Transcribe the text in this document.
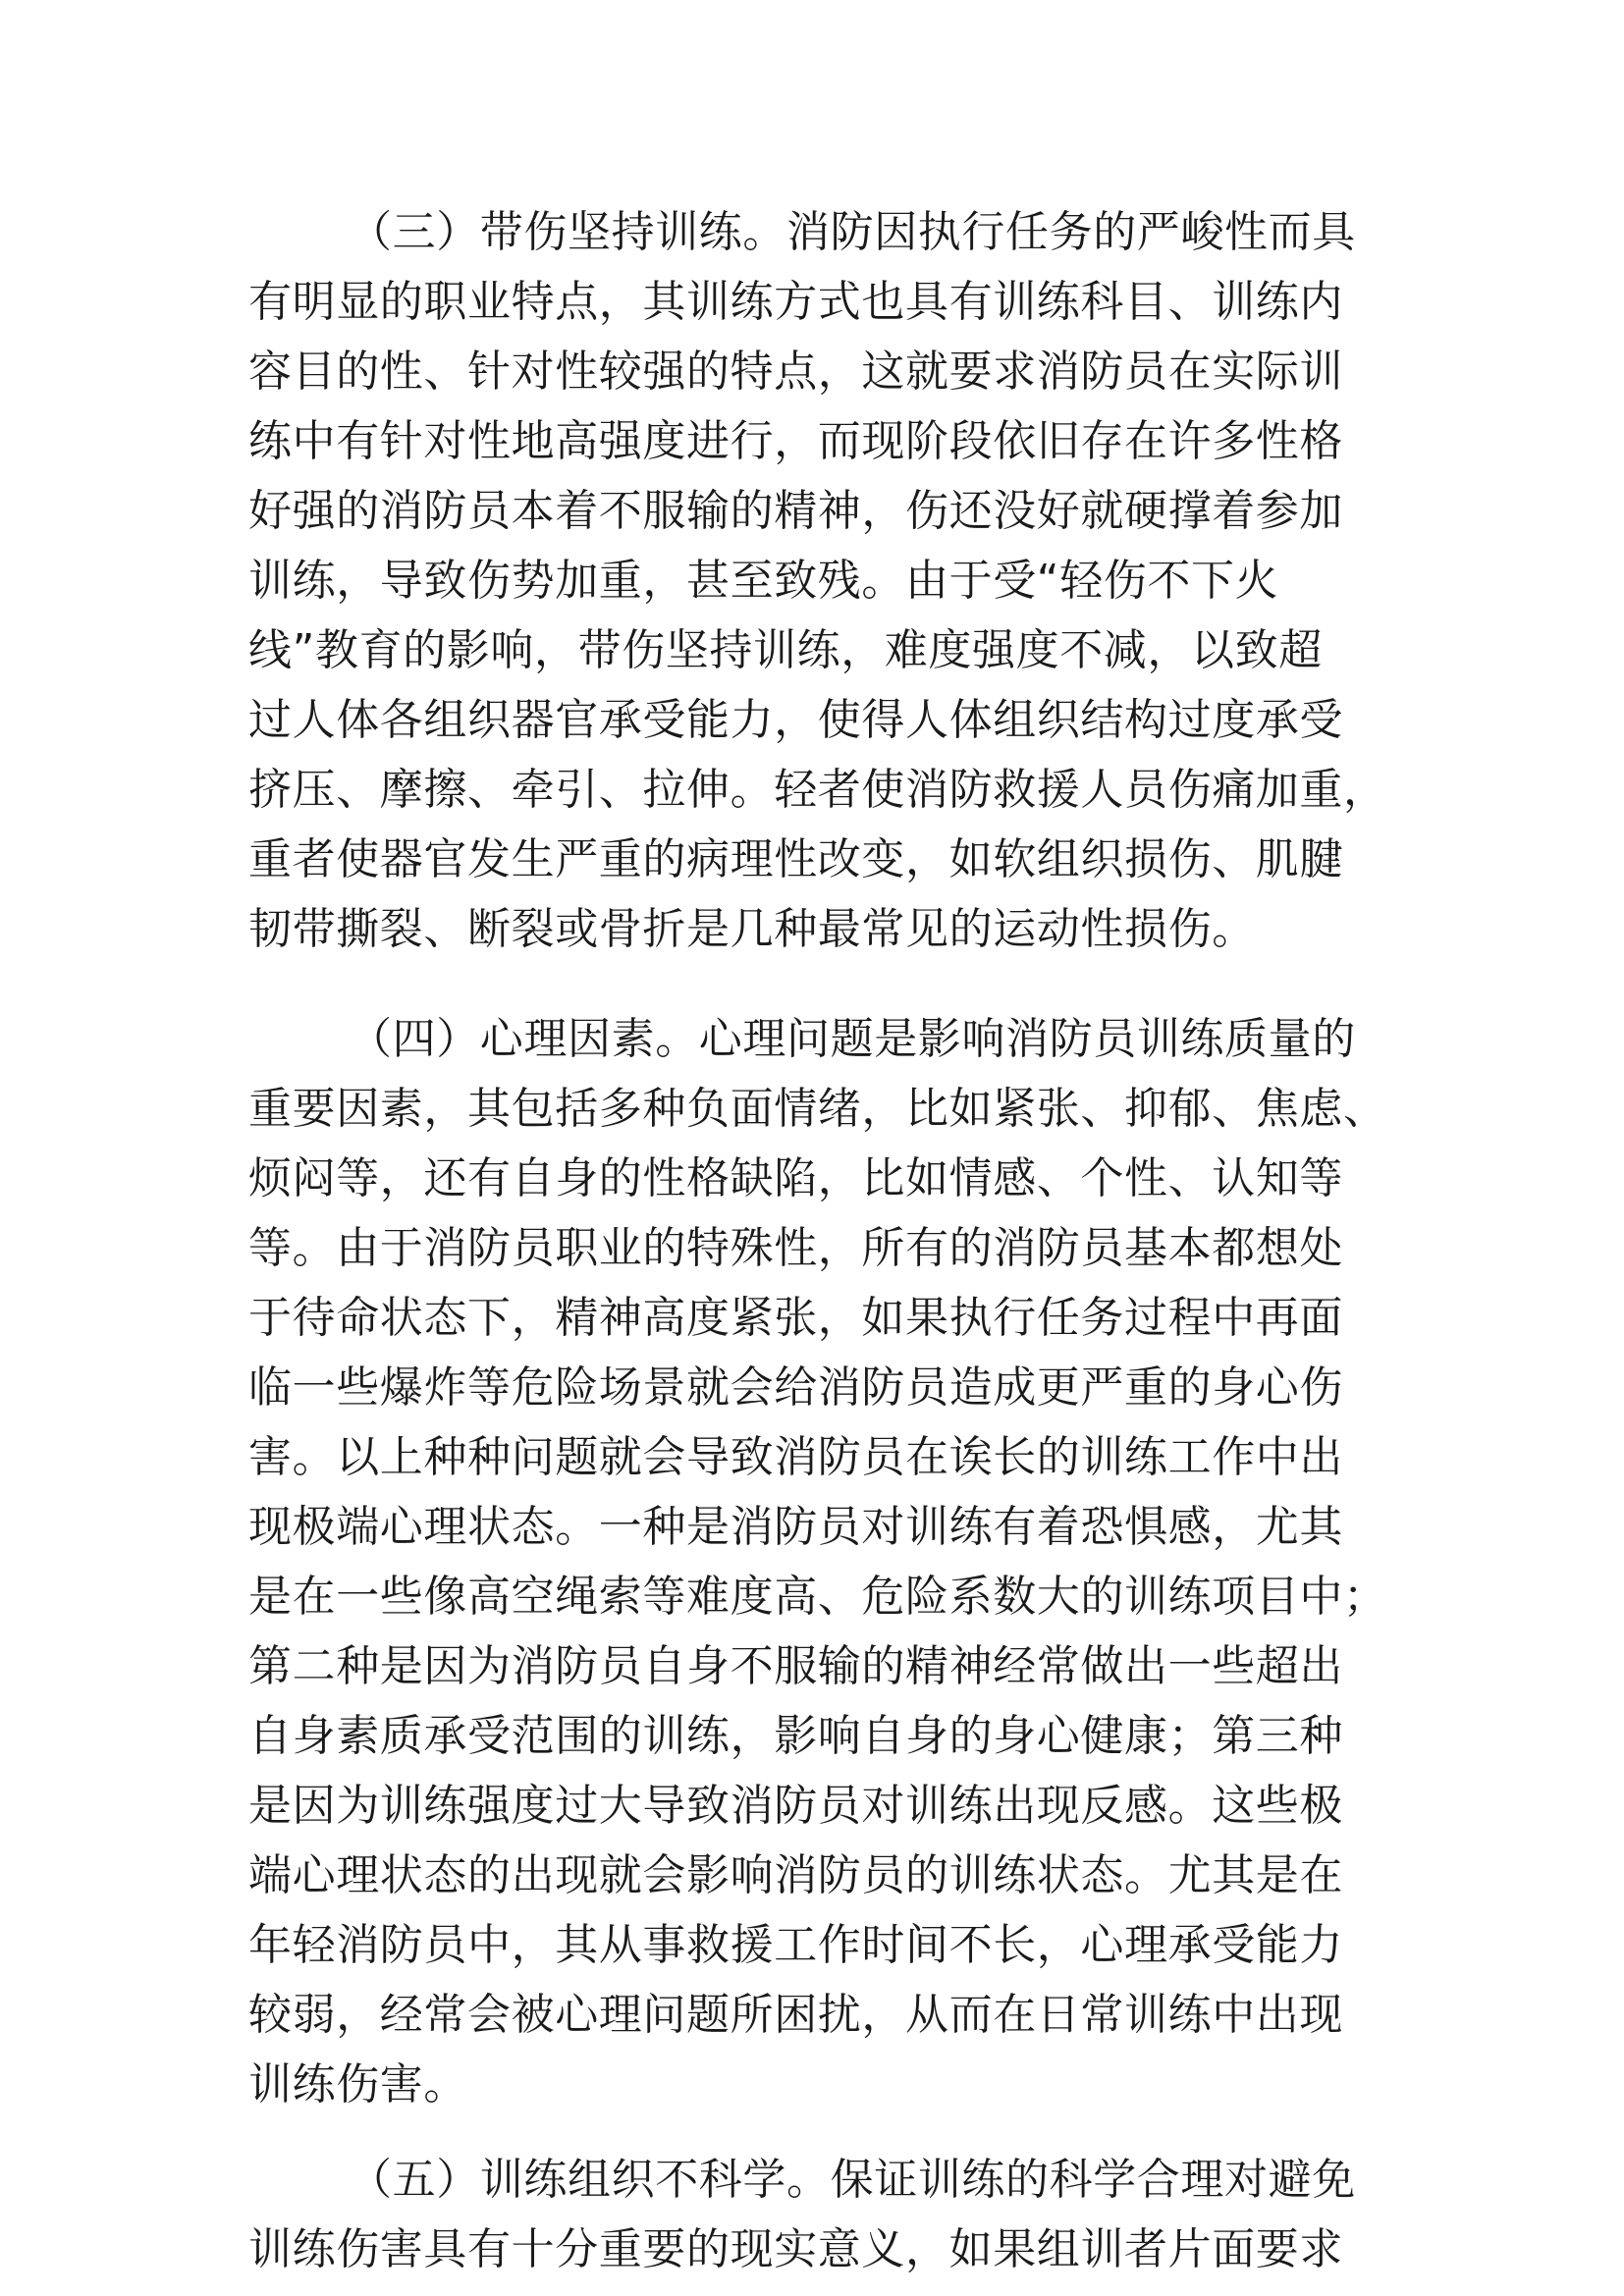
（三）带伤坚持训练。消防因执行任务的严峻性而具
有明显的职业特点，其训练方式也具有训练科目、训练内
容目的性、针对性较强的特点，这就要求消防员在实际训
练中有针对性地高强度进行，而现阶段依旧存在许多性格
好强的消防员本着不服输的精神，伤还没好就硬撑着参加
训练，导致伤势加重，甚至致残。由于受“轻伤不下火
线”教育的影响，带伤坚持训练，难度强度不减，以致超
过人体各组织器官承受能力，使得人体组织结构过度承受
挤压、摩擦、牵引、拉伸。轻者使消防救援人员伤痛加重，
重者使器官发生严重的病理性改变，如软组织损伤、肌腱
韧带撕裂、断裂或骨折是几种最常见的运动性损伤。
（四）心理因素。心理问题是影响消防员训练质量的
重要因素，其包括多种负面情绪，比如紧张、抑郁、焦虑、
烦闷等，还有自身的性格缺陷，比如情感、个性、认知等
等。由于消防员职业的特殊性，所有的消防员基本都想处
于待命状态下，精神高度紧张，如果执行任务过程中再面
临一些爆炸等危险场景就会给消防员造成更严重的身心伤
害。以上种种问题就会导致消防员在诶长的训练工作中出
现极端心理状态。一种是消防员对训练有着恐惧感，尤其
是在一些像高空绳索等难度高、危险系数大的训练项目中；
第二种是因为消防员自身不服输的精神经常做出一些超出
自身素质承受范围的训练，影响自身的身心健康；第三种
是因为训练强度过大导致消防员对训练出现反感。这些极
端心理状态的出现就会影响消防员的训练状态。尤其是在
年轻消防员中，其从事救援工作时间不长，心理承受能力
较弱，经常会被心理问题所困扰，从而在日常训练中出现
训练伤害。
（五）训练组织不科学。保证训练的科学合理对避免
训练伤害具有十分重要的现实意义，如果组训者片面要求
